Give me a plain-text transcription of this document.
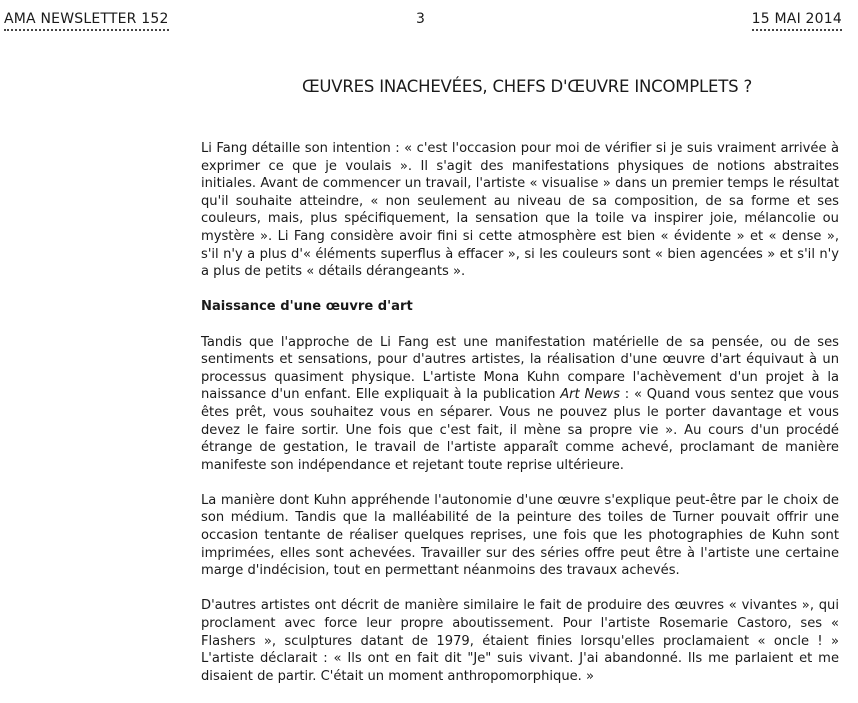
AMA NEWSLETTER 152	3	15 MAI 2014
ŒUVRES INACHEVÉES, CHEFS D'ŒUVRE INCOMPLETS ?

Li Fang détaille son intention : « c'est l'occasion pour moi de vérifier si je suis vraiment arrivée à exprimer ce que je voulais ». Il s'agit des manifestations physiques de notions abstraites initiales. Avant de commencer un travail, l'artiste « visualise » dans un premier temps le résultat qu'il souhaite atteindre, « non seulement au niveau de sa composition, de sa forme et ses couleurs, mais, plus spécifiquement, la sensation que la toile va inspirer joie, mélancolie ou mystère ». Li Fang considère avoir fini si cette atmosphère est bien « évidente » et « dense », s'il n'y a plus d'« éléments superflus à effacer », si les couleurs sont « bien agencées » et s'il n'y a plus de petits « détails dérangeants ».

Naissance d'une œuvre d'art

Tandis que l'approche de Li Fang est une manifestation matérielle de sa pensée, ou de ses sentiments et sensations, pour d'autres artistes, la réalisation d'une œuvre d'art équivaut à un processus quasiment physique. L'artiste Mona Kuhn compare l'achèvement d'un projet à la naissance d'un enfant. Elle expliquait à la publication Art News : « Quand vous sentez que vous êtes prêt, vous souhaitez vous en séparer. Vous ne pouvez plus le porter davantage et vous devez le faire sortir. Une fois que c'est fait, il mène sa propre vie ». Au cours d'un procédé étrange de gestation, le travail de l'artiste apparaît comme achevé, proclamant de manière manifeste son indépendance et rejetant toute reprise ultérieure.

La manière dont Kuhn appréhende l'autonomie d'une œuvre s'explique peut-être par le choix de son médium. Tandis que la malléabilité de la peinture des toiles de Turner pouvait offrir une occasion tentante de réaliser quelques reprises, une fois que les photographies de Kuhn sont imprimées, elles sont achevées. Travailler sur des séries offre peut être à l'artiste une certaine marge d'indécision, tout en permettant néanmoins des travaux achevés.

D'autres artistes ont décrit de manière similaire le fait de produire des œuvres « vivantes », qui proclament avec force leur propre aboutissement. Pour l'artiste Rosemarie Castoro, ses « Flashers », sculptures datant de 1979, étaient finies lorsqu'elles proclamaient « oncle ! » L'artiste déclarait : « Ils ont en fait dit "Je" suis vivant. J'ai abandonné. Ils me parlaient et me disaient de partir. C'était un moment anthropomorphique. »
